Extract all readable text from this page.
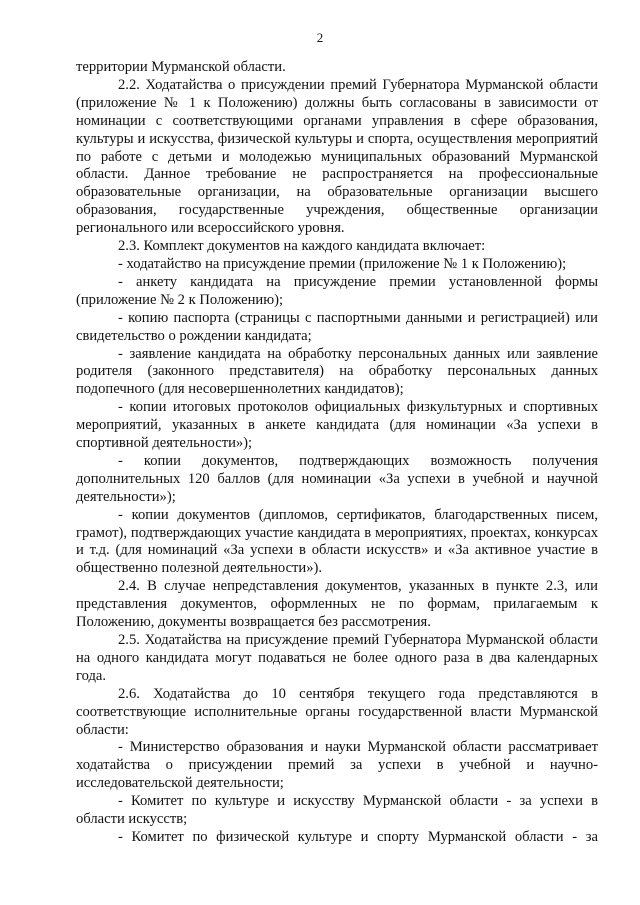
2

территории Мурманской области.

2.2. Ходатайства о присуждении премий Губернатора Мурманской области (приложение № 1 к Положению) должны быть согласованы в зависимости от номинации с соответствующими органами управления в сфере образования, культуры и искусства, физической культуры и спорта, осуществления мероприятий по работе с детьми и молодежью муниципальных образований Мурманской области. Данное требование не распространяется на профессиональные образовательные организации, на образовательные организации высшего образования, государственные учреждения, общественные организации регионального или всероссийского уровня.

2.3. Комплект документов на каждого кандидата включает:

- ходатайство на присуждение премии (приложение № 1 к Положению);

- анкету кандидата на присуждение премии установленной формы (приложение № 2 к Положению);

- копию паспорта (страницы с паспортными данными и регистрацией) или свидетельство о рождении кандидата;

- заявление кандидата на обработку персональных данных или заявление родителя (законного представителя) на обработку персональных данных подопечного (для несовершеннолетних кандидатов);

- копии итоговых протоколов официальных физкультурных и спортивных мероприятий, указанных в анкете кандидата (для номинации «За успехи в спортивной деятельности»);

- копии документов, подтверждающих возможность получения дополнительных 120 баллов (для номинации «За успехи в учебной и научной деятельности»);

- копии документов (дипломов, сертификатов, благодарственных писем, грамот), подтверждающих участие кандидата в мероприятиях, проектах, конкурсах и т.д. (для номинаций «За успехи в области искусств» и «За активное участие в общественно полезной деятельности»).

2.4. В случае непредставления документов, указанных в пункте 2.3, или представления документов, оформленных не по формам, прилагаемым к Положению, документы возвращается без рассмотрения.

2.5. Ходатайства на присуждение премий Губернатора Мурманской области на одного кандидата могут подаваться не более одного раза в два календарных года.

2.6. Ходатайства до 10 сентября текущего года представляются в соответствующие исполнительные органы государственной власти Мурманской области:

- Министерство образования и науки Мурманской области рассматривает ходатайства о присуждении премий за успехи в учебной и научно-исследовательской деятельности;

- Комитет по культуре и искусству Мурманской области - за успехи в области искусств;

- Комитет по физической культуре и спорту Мурманской области - за
